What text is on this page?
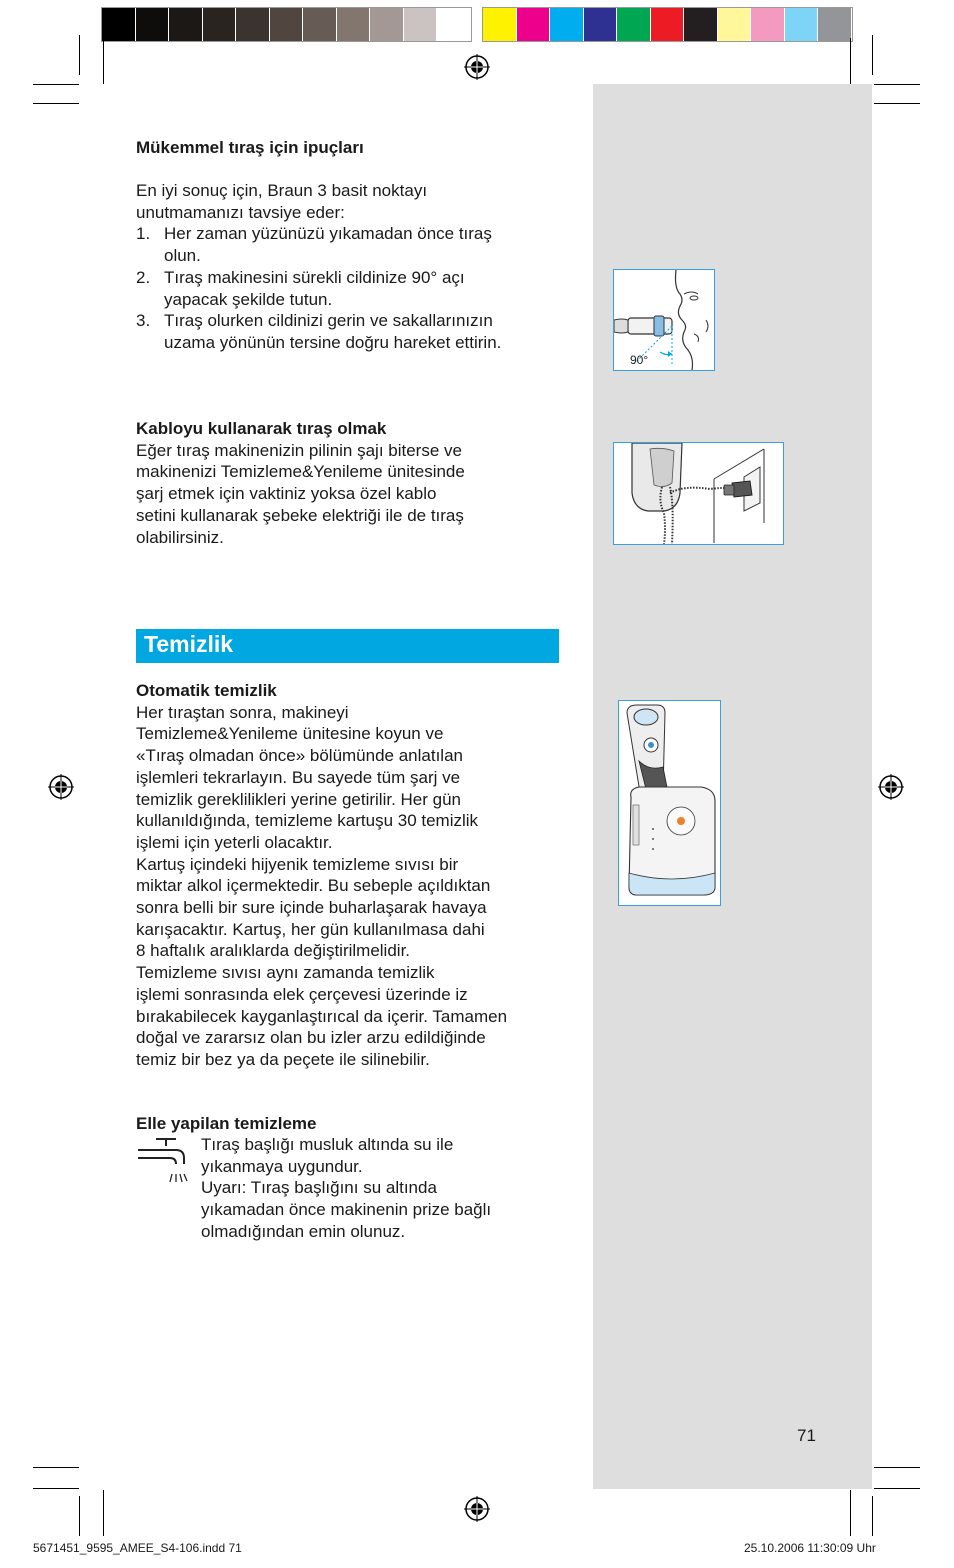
Mükemmel tıraş için ipuçları

En iyi sonuç için, Braun 3 basit noktayı

unutmamanızı tavsiye eder:

1. Her zaman yüzünüzü yıkamadan önce tıraş
olun.
2. Tıraş makinesini sürekli cildinize 90° açı
yapacak şekilde tutun.
3. Tıraş olurken cildinizi gerin ve sakallarınızın
uzama yönünün tersine doğru hareket ettirin.

Kabloyu kullanarak tıraş olmak

Eğer tıraş makinenizin pilinin şajı biterse ve

makinenizi Temizleme&Yenileme ünitesinde

şarj etmek için vaktiniz yoksa özel kablo

setini kullanarak şebeke elektriği ile de tıraş

olabilirsiniz.

Temizlik

Otomatik temizlik

Her tıraştan sonra, makineyi

Temizleme&Yenileme ünitesine koyun ve

«Tıraş olmadan önce» bölümünde anlatılan

işlemleri tekrarlayın. Bu sayede tüm şarj ve

temizlik gereklilikleri yerine getirilir. Her gün

kullanıldığında, temizleme kartuşu 30 temizlik

işlemi için yeterli olacaktır.

Kartuş içindeki hijyenik temizleme sıvısı bir

miktar alkol içermektedir. Bu sebeple açıldıktan

sonra belli bir sure içinde buharlaşarak havaya

karışacaktır. Kartuş, her gün kullanılmasa dahi

8 haftalık aralıklarda değiştirilmelidir.

Temizleme sıvısı aynı zamanda temizlik

işlemi sonrasında elek çerçevesi üzerinde iz

bırakabilecek kayganlaştırıcal da içerir. Tamamen

doğal ve zararsız olan bu izler arzu edildiğinde

temiz bir bez ya da peçete ile silinebilir.

Elle yapilan temizleme

Tıraş başlığı musluk altında su ile

yıkanmaya uygundur.

Uyarı: Tıraş başlığını su altında

yıkamadan önce makinenin prize bağlı

olmadığından emin olunuz.

90°
71
5671451_9595_AMEE_S4-106.indd 71	25.10.2006 11:30:09 Uhr
